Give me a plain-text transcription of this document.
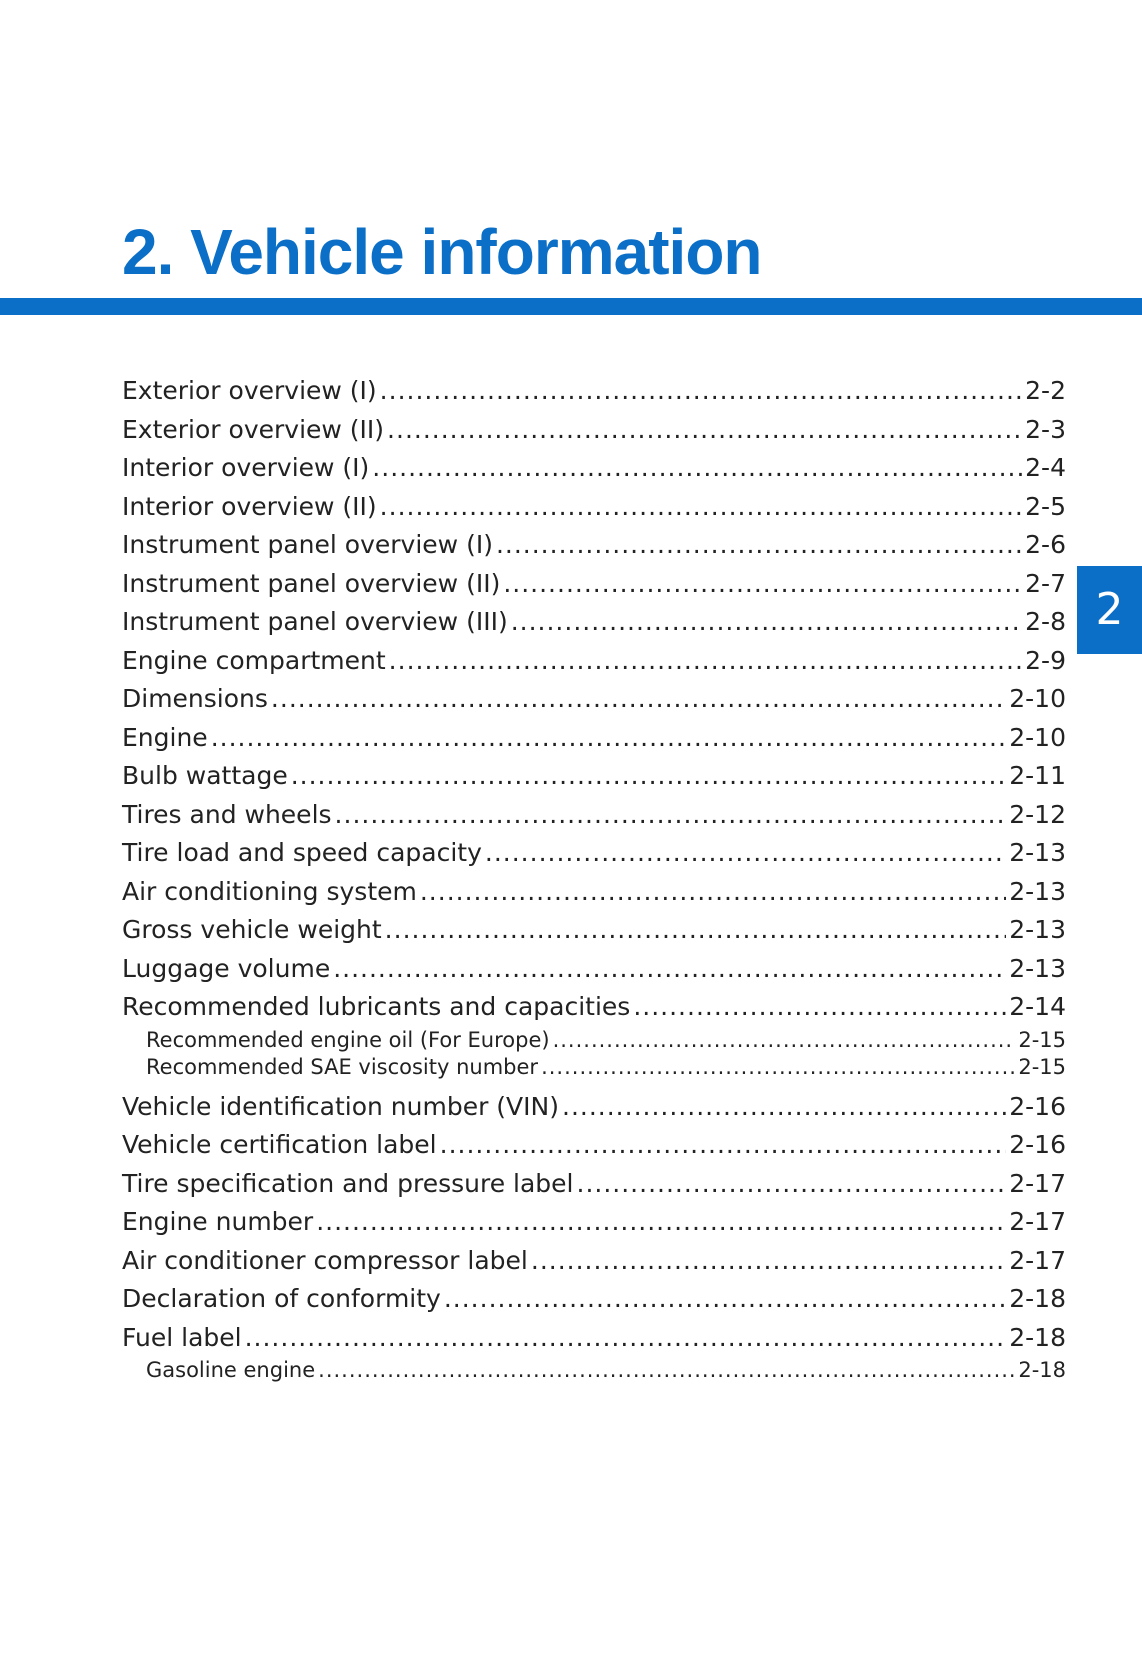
2. Vehicle information
2
Exterior overview (I) .....	2-2
Exterior overview (II) .....	2-3
Interior overview (I) .....	2-4
Interior overview (II) .....	2-5
Instrument panel overview (I) .....	2-6
Instrument panel overview (II) .....	2-7
Instrument panel overview (III) .....	2-8
Engine compartment .....	2-9
Dimensions .....	2-10
Engine .....	2-10
Bulb wattage .....	2-11
Tires and wheels .....	2-12
Tire load and speed capacity .....	2-13
Air conditioning system .....	2-13
Gross vehicle weight .....	2-13
Luggage volume .....	2-13
Recommended lubricants and capacities .....	2-14
Recommended engine oil (For Europe) .....	2-15
Recommended SAE viscosity number .....	2-15
Vehicle identification number (VIN) .....	2-16
Vehicle certification label .....	2-16
Tire specification and pressure label .....	2-17
Engine number .....	2-17
Air conditioner compressor label .....	2-17
Declaration of conformity .....	2-18
Fuel label .....	2-18
Gasoline engine .....	2-18
